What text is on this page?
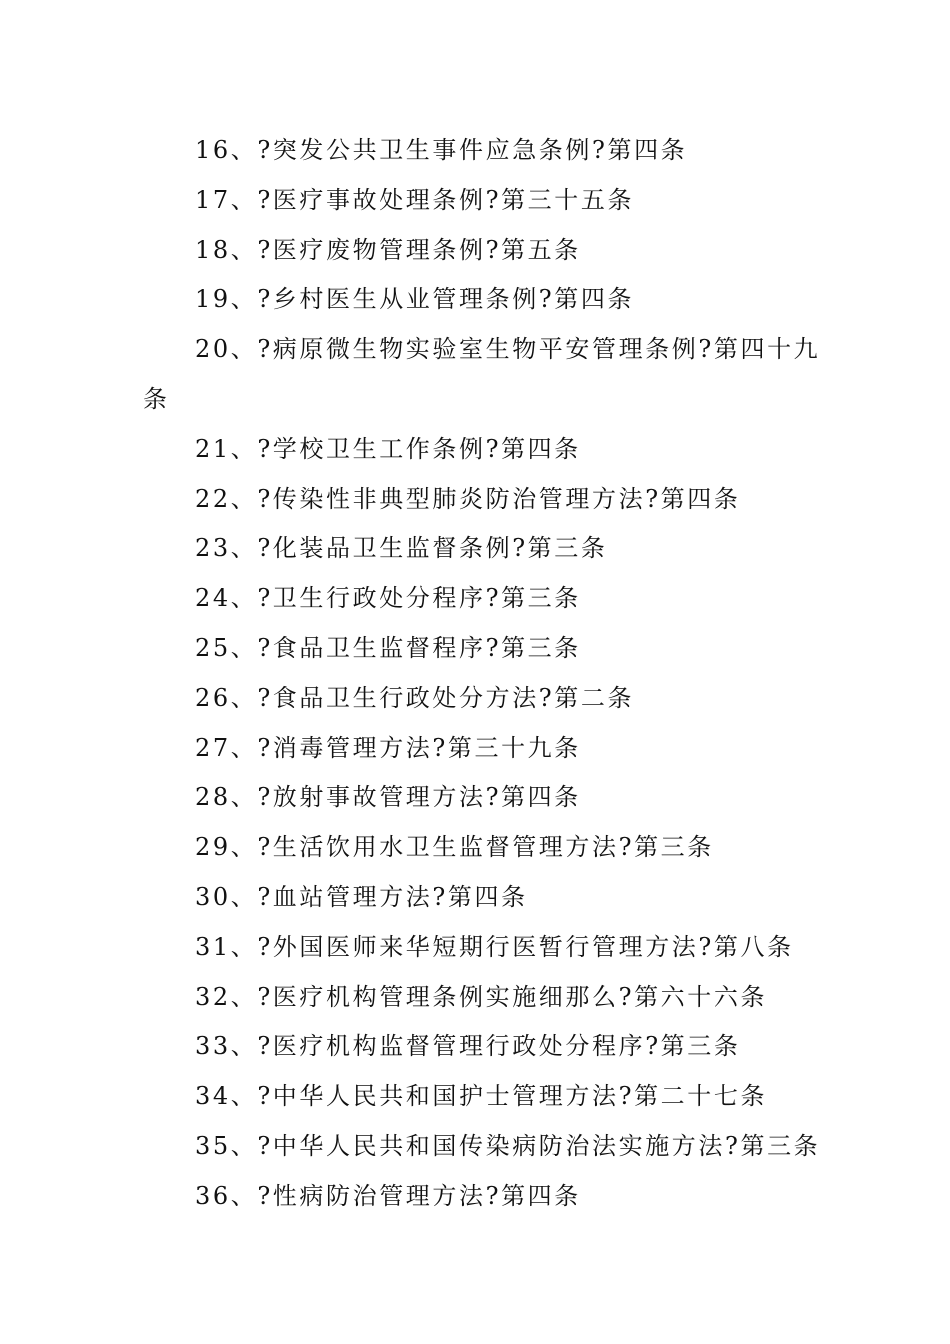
16、?突发公共卫生事件应急条例?第四条
17、?医疗事故处理条例?第三十五条
18、?医疗废物管理条例?第五条
19、?乡村医生从业管理条例?第四条
20、?病原微生物实验室生物平安管理条例?第四十九
条
21、?学校卫生工作条例?第四条
22、?传染性非典型肺炎防治管理方法?第四条
23、?化装品卫生监督条例?第三条
24、?卫生行政处分程序?第三条
25、?食品卫生监督程序?第三条
26、?食品卫生行政处分方法?第二条
27、?消毒管理方法?第三十九条
28、?放射事故管理方法?第四条
29、?生活饮用水卫生监督管理方法?第三条
30、?血站管理方法?第四条
31、?外国医师来华短期行医暂行管理方法?第八条
32、?医疗机构管理条例实施细那么?第六十六条
33、?医疗机构监督管理行政处分程序?第三条
34、?中华人民共和国护士管理方法?第二十七条
35、?中华人民共和国传染病防治法实施方法?第三条
36、?性病防治管理方法?第四条
